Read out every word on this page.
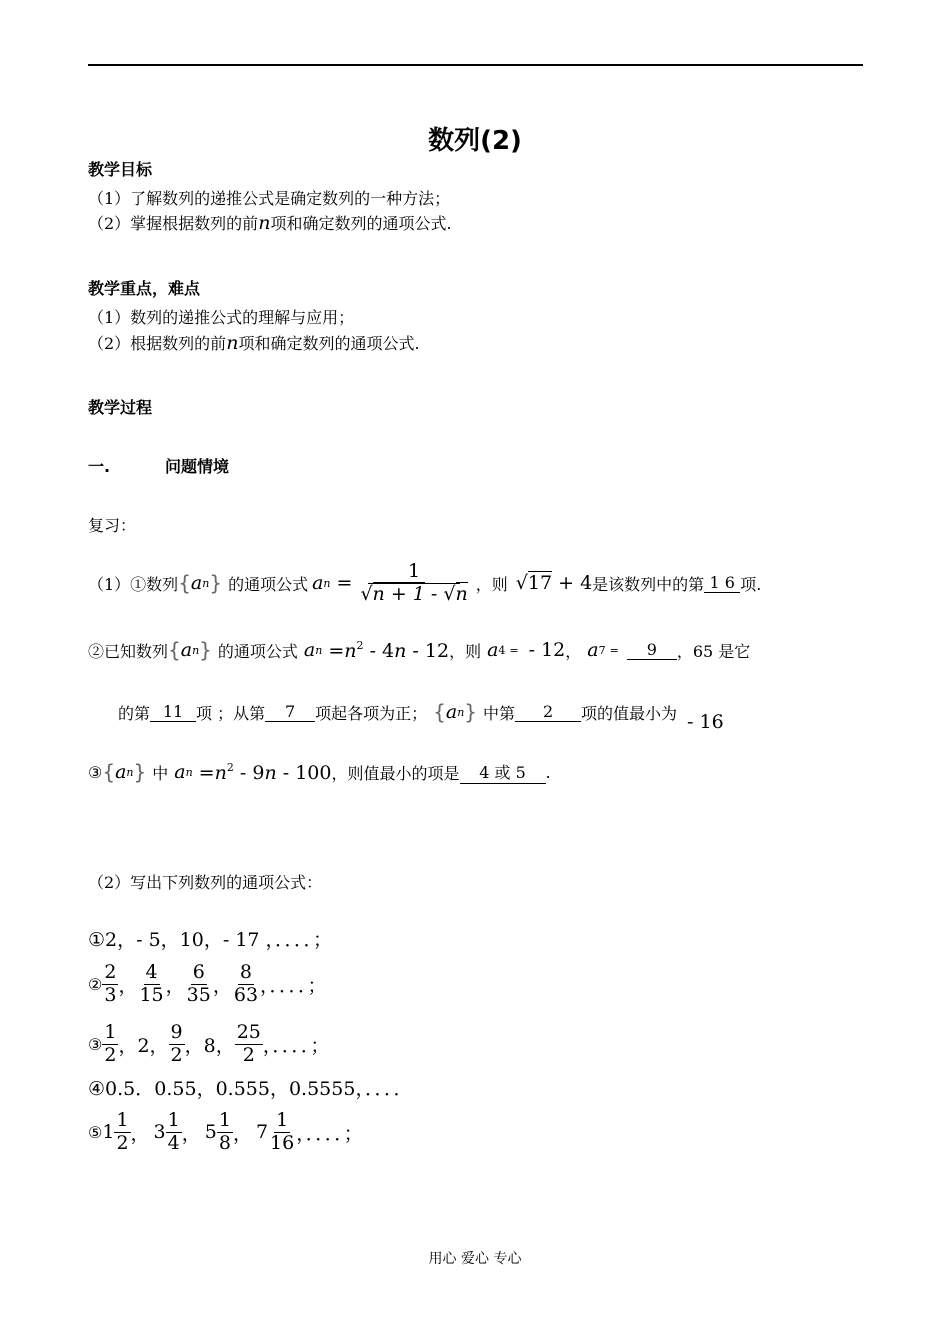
数列(2)
教学目标
（1）了解数列的递推公式是确定数列的一种方法；
（2）掌握根据数列的前n项和确定数列的通项公式.
教学重点，难点
（1）数列的递推公式的理解与应用；
（2）根据数列的前n项和确定数列的通项公式.
教学过程
一.	问题情境
复习：
（1）①数列 { a n } 的通项公式 a $n = \frac{1}{√n + 1 - √n}$ ，则 √17 + 4 是该数列中的第 1 6 项.
②已知数列 { a n } 的通项公式 a $n =n^2 - 4n - 12$ ，则 a 4 = - 12 ， a 7 =	9	，65 是它
的第 11 项 ；从第	7	项起各项为正； { a n } 中第	2	项的值最小为 - 16
③ { a n } 中 a $n =n^2 - 9n - 100$ ，则值最小的项是	4 或 5	.
（2）写出下列数列的通项公式：
①2，- 5，10，- 17 ，．．．．；
② $\frac{2}{3}$ ， $\frac{4}{15}$ ， $\frac{6}{35}$ ， $\frac{8}{63}$ ，．．．．；
③ $\frac{1}{2}$ ，2， $\frac{9}{2}$ ，8， $\frac{25}{2}$ ，．．．．；
④0.5．0.55，0.555，0.5555，．．．．
⑤ $1 \frac{1}{2}$ ， $3 \frac{1}{4}$ ， $5 \frac{1}{8}$ ， $7 \frac{1}{16}$ ，．．．．；
用心 爱心 专心
